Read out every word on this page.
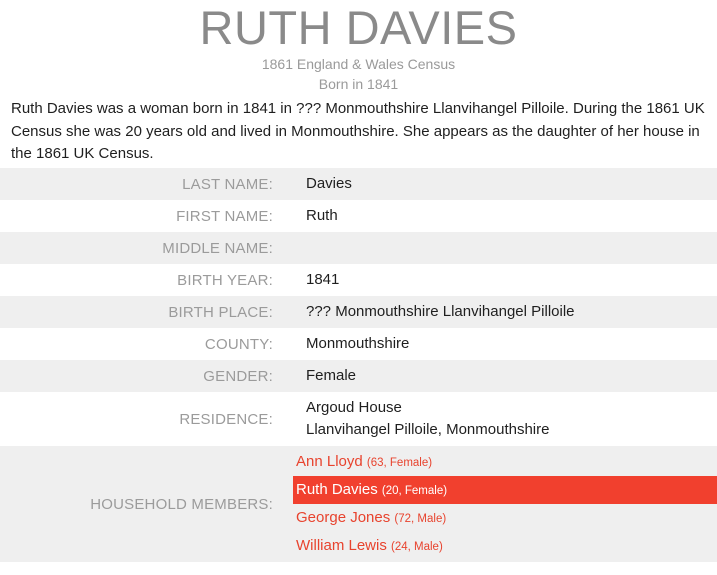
RUTH DAVIES
1861 England & Wales Census
Born in 1841
Ruth Davies was a woman born in 1841 in ??? Monmouthshire Llanvihangel Pilloile. During the 1861 UK Census she was 20 years old and lived in Monmouthshire. She appears as the daughter of her house in the 1861 UK Census.
LAST NAME:	Davies
FIRST NAME:	Ruth
MIDDLE NAME:	
BIRTH YEAR:	1841
BIRTH PLACE:	??? Monmouthshire Llanvihangel Pilloile
COUNTY:	Monmouthshire
GENDER:	Female
RESIDENCE:	Argoud House
Llanvihangel Pilloile, Monmouthshire

HOUSEHOLD MEMBERS:	Ann Lloyd (63, Female)
Ruth Davies (20, Female)
George Jones (72, Male)
William Lewis (24, Male)
